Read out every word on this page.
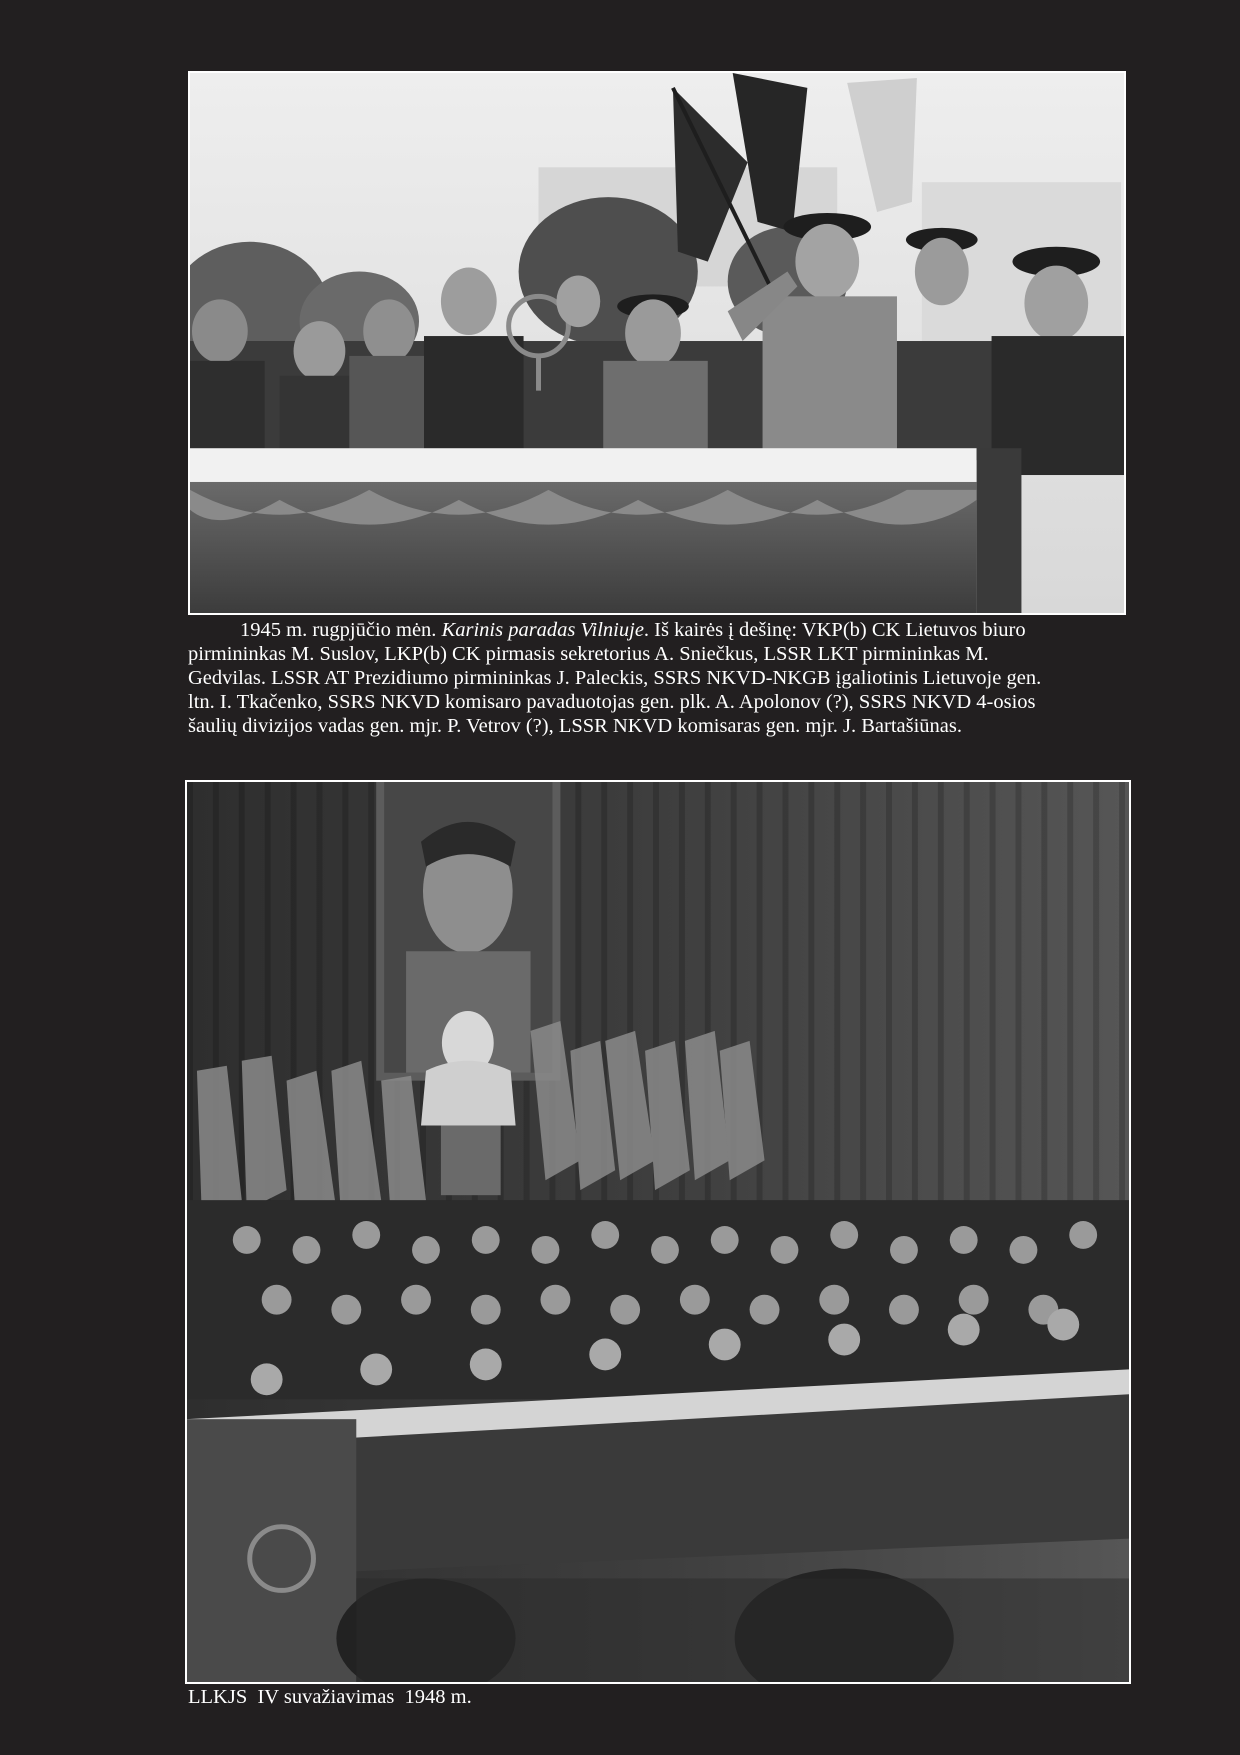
1945 m. rugpjūčio mėn. Karinis paradas Vilniuje. Iš kairės į dešinę: VKP(b) CK Lietuvos biuro
pirmininkas M. Suslov, LKP(b) CK pirmasis sekretorius A. Sniečkus, LSSR LKT pirmininkas M.
Gedvilas. LSSR AT Prezidiumo pirmininkas J. Paleckis, SSRS NKVD-NKGB įgaliotinis Lietuvoje gen.
ltn. I. Tkačenko, SSRS NKVD komisaro pavaduotojas gen. plk. A. Apolonov (?), SSRS NKVD 4-osios
šaulių divizijos vadas gen. mjr. P. Vetrov (?), LSSR NKVD komisaras gen. mjr. J. Bartašiūnas.
LLKJS  IV suvažiavimas  1948 m.
